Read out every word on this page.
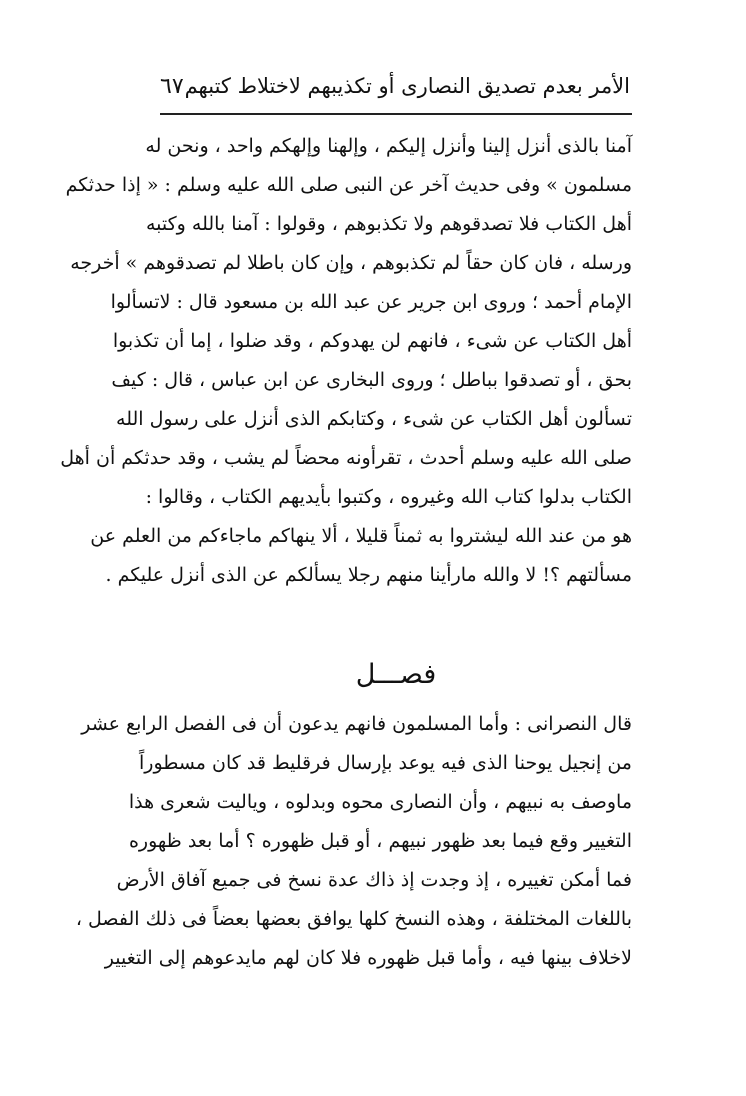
الأمر بعدم تصديق النصارى أو تكذيبهم لاختلاط كتبهم
٦٧
آمنا بالذى أنزل إلينا وأنزل إليكم ، وإلهنا وإلهكم واحد ، ونحن له
مسلمون » وفى حديث آخر عن النبى صلى الله عليه وسلم : « إذا حدثكم
أهل الكتاب فلا تصدقوهم ولا تكذبوهم ، وقولوا : آمنا بالله وكتبه
ورسله ، فان كان حقاً لم تكذبوهم ، وإن كان باطلا لم تصدقوهم » أخرجه
الإمام أحمد ؛ وروى ابن جرير عن عبد الله بن مسعود قال : لاتسألوا
أهل الكتاب عن شىء ، فانهم لن يهدوكم ، وقد ضلوا ، إما أن تكذبوا
بحق ، أو تصدقوا بباطل ؛ وروى البخارى عن ابن عباس ، قال : كيف
تسألون أهل الكتاب عن شىء ، وكتابكم الذى أنزل على رسول الله
صلى الله عليه وسلم أحدث ، تقرأونه محضاً لم يشب ، وقد حدثكم أن أهل
الكتاب بدلوا كتاب الله وغيروه ، وكتبوا بأيديهم الكتاب ، وقالوا :
هو من عند الله ليشتروا به ثمناً قليلا ، ألا ينهاكم ماجاءكم من العلم عن
مسألتهم ؟! لا والله مارأينا منهم رجلا يسألكم عن الذى أنزل عليكم .
فصـــل
قال النصرانى : وأما المسلمون فانهم يدعون أن فى الفصل الرابع عشر
من إنجيل يوحنا الذى فيه يوعد بإرسال فرقليط قد كان مسطوراً
ماوصف به نبيهم ، وأن النصارى محوه وبدلوه ، وياليت شعرى هذا
التغيير وقع فيما بعد ظهور نبيهم ، أو قبل ظهوره ؟ أما بعد ظهوره
فما أمكن تغييره ، إذ وجدت إذ ذاك عدة نسخ فى جميع آفاق الأرض
باللغات المختلفة ، وهذه النسخ كلها يوافق بعضها بعضاً فى ذلك الفصل ،
لاخلاف بينها فيه ، وأما قبل ظهوره فلا كان لهم مايدعوهم إلى التغيير
